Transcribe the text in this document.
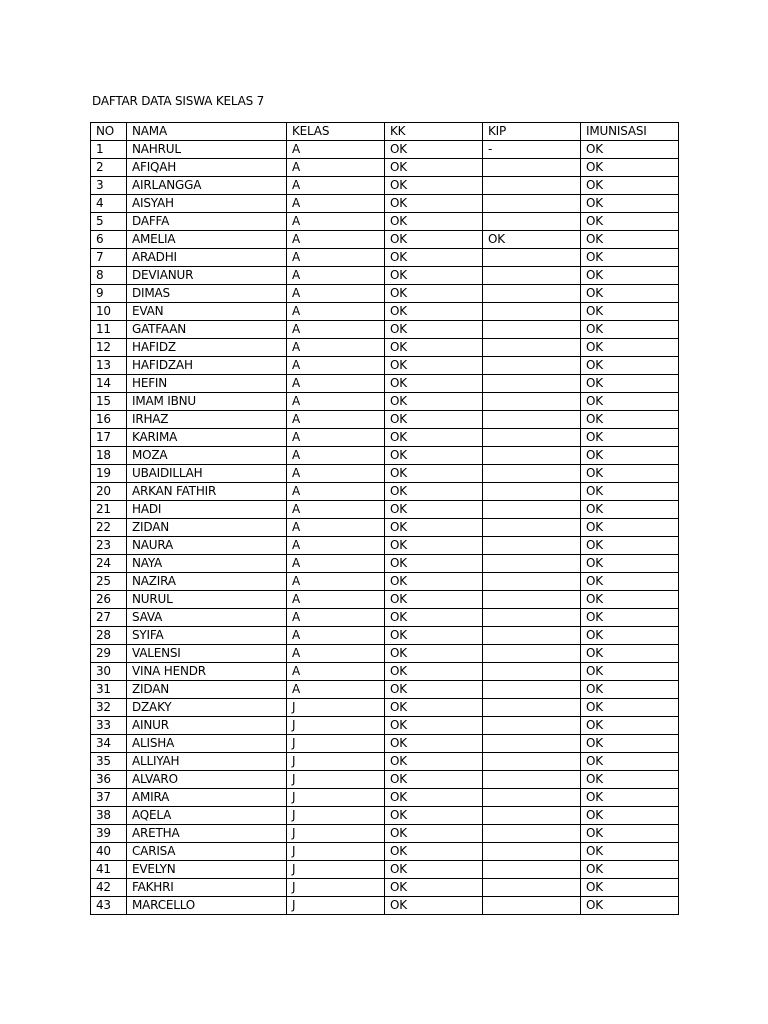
DAFTAR DATA SISWA KELAS 7
NO	NAMA	KELAS	KK	KIP	IMUNISASI
1	NAHRUL	A	OK	-	OK
2	AFIQAH	A	OK		OK
3	AIRLANGGA	A	OK		OK
4	AISYAH	A	OK		OK
5	DAFFA	A	OK		OK
6	AMELIA	A	OK	OK	OK
7	ARADHI	A	OK		OK
8	DEVIANUR	A	OK		OK
9	DIMAS	A	OK		OK
10	EVAN	A	OK		OK
11	GATFAAN	A	OK		OK
12	HAFIDZ	A	OK		OK
13	HAFIDZAH	A	OK		OK
14	HEFIN	A	OK		OK
15	IMAM IBNU	A	OK		OK
16	IRHAZ	A	OK		OK
17	KARIMA	A	OK		OK
18	MOZA	A	OK		OK
19	UBAIDILLAH	A	OK		OK
20	ARKAN FATHIR	A	OK		OK
21	HADI	A	OK		OK
22	ZIDAN	A	OK		OK
23	NAURA	A	OK		OK
24	NAYA	A	OK		OK
25	NAZIRA	A	OK		OK
26	NURUL	A	OK		OK
27	SAVA	A	OK		OK
28	SYIFA	A	OK		OK
29	VALENSI	A	OK		OK
30	VINA HENDR	A	OK		OK
31	ZIDAN	A	OK		OK
32	DZAKY	J	OK		OK
33	AINUR	J	OK		OK
34	ALISHA	J	OK		OK
35	ALLIYAH	J	OK		OK
36	ALVARO	J	OK		OK
37	AMIRA	J	OK		OK
38	AQELA	J	OK		OK
39	ARETHA	J	OK		OK
40	CARISA	J	OK		OK
41	EVELYN	J	OK		OK
42	FAKHRI	J	OK		OK
43	MARCELLO	J	OK		OK
